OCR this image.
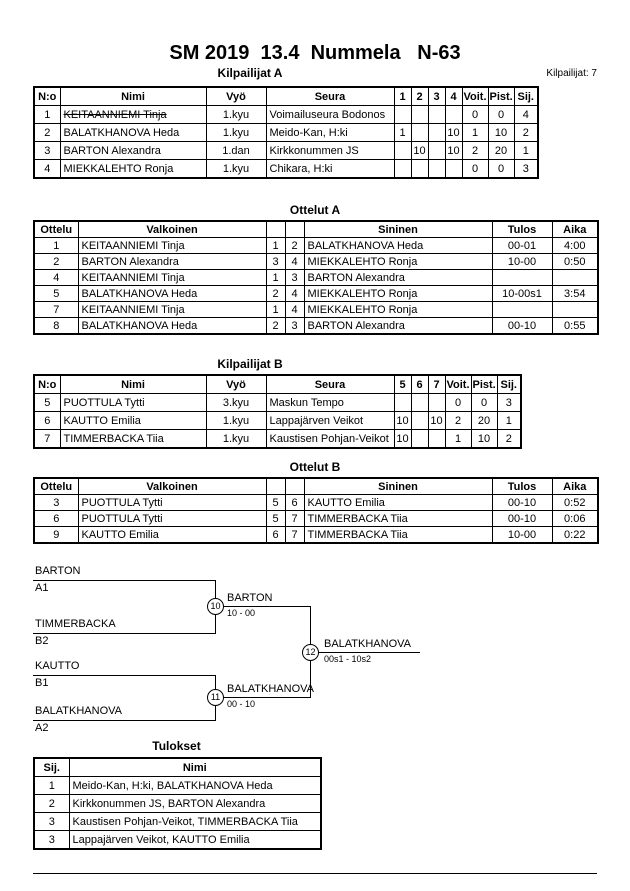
SM 2019  13.4  Nummela   N-63
Kilpailijat: 7
Kilpailijat A
N:o	Nimi	Vyö	Seura	1	2	3	4	Voit.	Pist.	Sij.
1	KEITAANNIEMI Tinja	1.kyu	Voimailuseura Bodonos					0	0	4
2	BALATKHANOVA Heda	1.kyu	Meido-Kan, H:ki	1			10	1	10	2
3	BARTON Alexandra	1.dan	Kirkkonummen JS		10		10	2	20	1
4	MIEKKALEHTO Ronja	1.kyu	Chikara, H:ki					0	0	3
Ottelut A
Ottelu	Valkoinen			Sininen	Tulos	Aika
1	KEITAANNIEMI Tinja	1	2	BALATKHANOVA Heda	00-01	4:00
2	BARTON Alexandra	3	4	MIEKKALEHTO Ronja	10-00	0:50
4	KEITAANNIEMI Tinja	1	3	BARTON Alexandra		
5	BALATKHANOVA Heda	2	4	MIEKKALEHTO Ronja	10-00s1	3:54
7	KEITAANNIEMI Tinja	1	4	MIEKKALEHTO Ronja		
8	BALATKHANOVA Heda	2	3	BARTON Alexandra	00-10	0:55
Kilpailijat B
N:o	Nimi	Vyö	Seura	5	6	7	Voit.	Pist.	Sij.
5	PUOTTULA Tytti	3.kyu	Maskun Tempo				0	0	3
6	KAUTTO Emilia	1.kyu	Lappajärven Veikot	10		10	2	20	1
7	TIMMERBACKA Tiia	1.kyu	Kaustisen Pohjan-Veikot	10			1	10	2
Ottelut B
Ottelu	Valkoinen			Sininen	Tulos	Aika
3	PUOTTULA Tytti	5	6	KAUTTO Emilia	00-10	0:52
6	PUOTTULA Tytti	5	7	TIMMERBACKA Tiia	00-10	0:06
9	KAUTTO Emilia	6	7	TIMMERBACKA Tiia	10-00	0:22
BARTON
A1
TIMMERBACKA
B2
KAUTTO
B1
BALATKHANOVA
A2
10
BARTON
10 - 00
11
BALATKHANOVA
00 - 10
12
BALATKHANOVA
00s1 - 10s2
Tulokset
Sij.	Nimi
1	Meido-Kan, H:ki, BALATKHANOVA Heda
2	Kirkkonummen JS, BARTON Alexandra
3	Kaustisen Pohjan-Veikot, TIMMERBACKA Tiia
3	Lappajärven Veikot, KAUTTO Emilia
